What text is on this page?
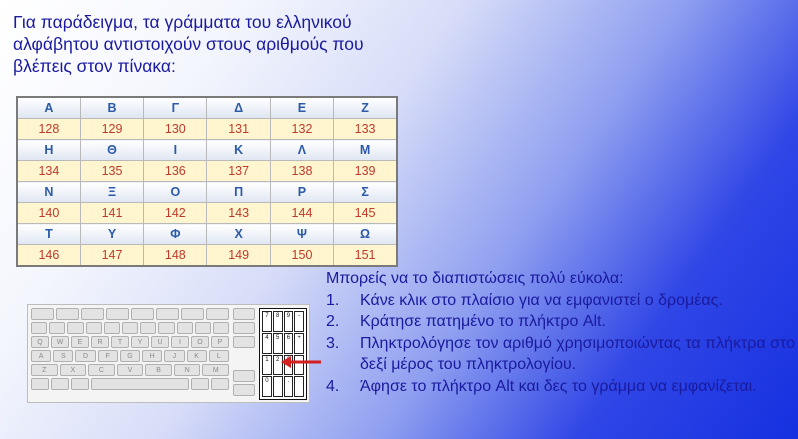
Για παράδειγμα, τα γράμματα του ελληνικού
αλφάβητου αντιστοιχούν στους αριθμούς που
βλέπεις στον πίνακα:
Α	Β	Γ	Δ	Ε	Ζ
128	129	130	131	132	133
Η	Θ	Ι	Κ	Λ	Μ
134	135	136	137	138	139
Ν	Ξ	Ο	Π	Ρ	Σ
140	141	142	143	144	145
Τ	Υ	Φ	Χ	Ψ	Ω
146	147	148	149	150	151
Q	W	E	R	T	Y	U	I	O	P
A	S	D	F	G	H	J	K	L
Z	X	C	V	B	N	M
7	8	9	-
4	5	6	+
1	2
0	.
Μπορείς να το διαπιστώσεις πολύ εύκολα:
1. Κάνε κλικ στο πλαίσιο για να εμφανιστεί ο δρομέας.
2. Κράτησε πατημένο το πλήκτρο Alt.
3. Πληκτρολόγησε τον αριθμό χρησιμοποιώντας τα πλήκτρα στο δεξί μέρος του πληκτρολογίου.
4. Άφησε το πλήκτρο Alt και δες το γράμμα να εμφανίζεται.
